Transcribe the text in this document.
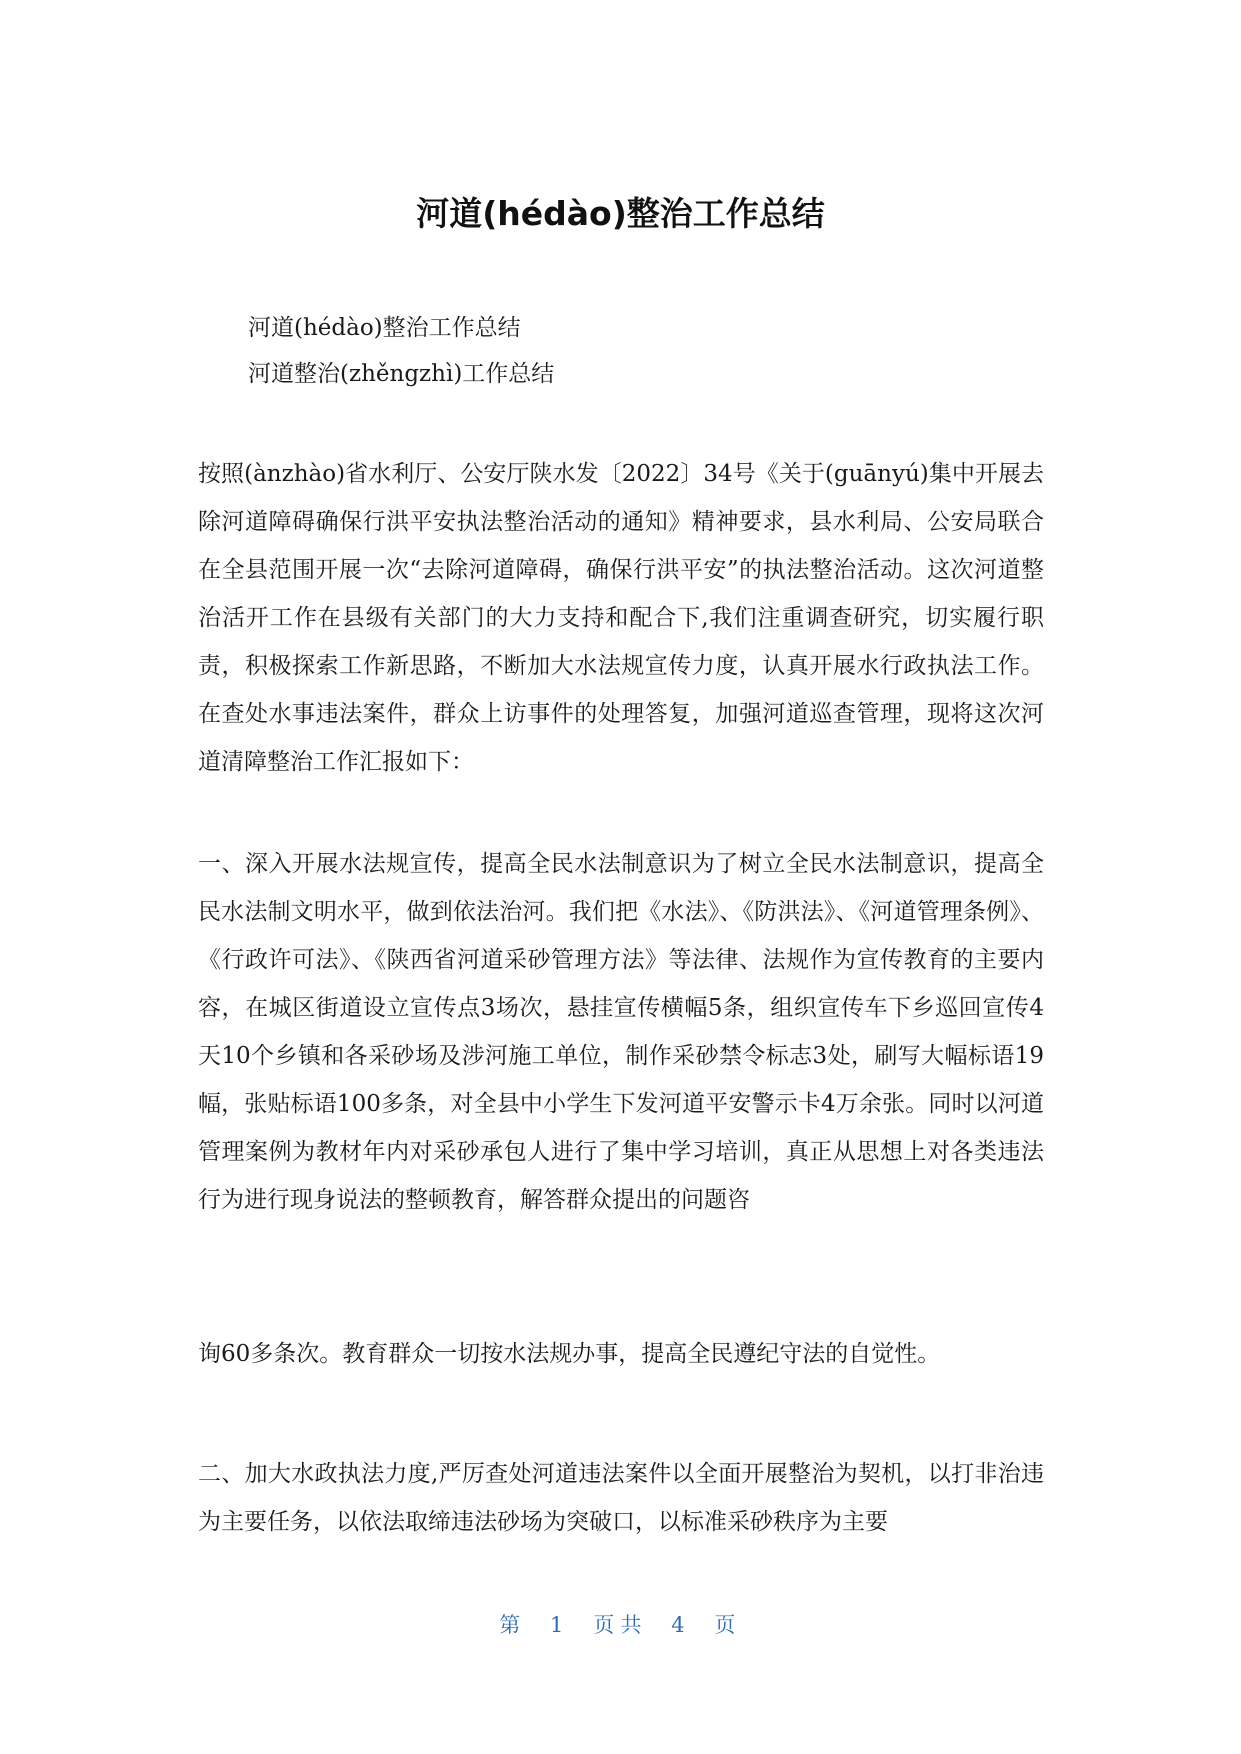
河道(hédào)整治工作总结
河道(hédào)整治工作总结
河道整治(zhěngzhì)工作总结

按照(ànzhào)省水利厅、公安厅陕水发〔2022〕34号《关于(guānyú)集中开展去除河道障碍确保行洪平安执法整治活动的通知》精神要求，县水利局、公安局联合在全县范围开展一次“去除河道障碍，确保行洪平安”的执法整治活动。这次河道整治活开工作在县级有关部门的大力支持和配合下,我们注重调查研究，切实履行职责，积极探索工作新思路，不断加大水法规宣传力度，认真开展水行政执法工作。在查处水事违法案件，群众上访事件的处理答复，加强河道巡查管理，现将这次河道清障整治工作汇报如下：

一、深入开展水法规宣传，提高全民水法制意识为了树立全民水法制意识，提高全民水法制文明水平，做到依法治河。我们把《水法》、《防洪法》、《河道管理条例》、《行政许可法》、《陕西省河道采砂管理方法》等法律、法规作为宣传教育的主要内容，在城区街道设立宣传点3场次，悬挂宣传横幅5条，组织宣传车下乡巡回宣传4天10个乡镇和各采砂场及涉河施工单位，制作采砂禁令标志3处，刷写大幅标语19幅，张贴标语100多条，对全县中小学生下发河道平安警示卡4万余张。同时以河道管理案例为教材年内对采砂承包人进行了集中学习培训，真正从思想上对各类违法行为进行现身说法的整顿教育，解答群众提出的问题咨

询60多条次。教育群众一切按水法规办事，提高全民遵纪守法的自觉性。

二、加大水政执法力度,严厉查处河道违法案件以全面开展整治为契机，以打非治违为主要任务，以依法取缔违法砂场为突破口，以标准采砂秩序为主要

第 1 页共 4 页
